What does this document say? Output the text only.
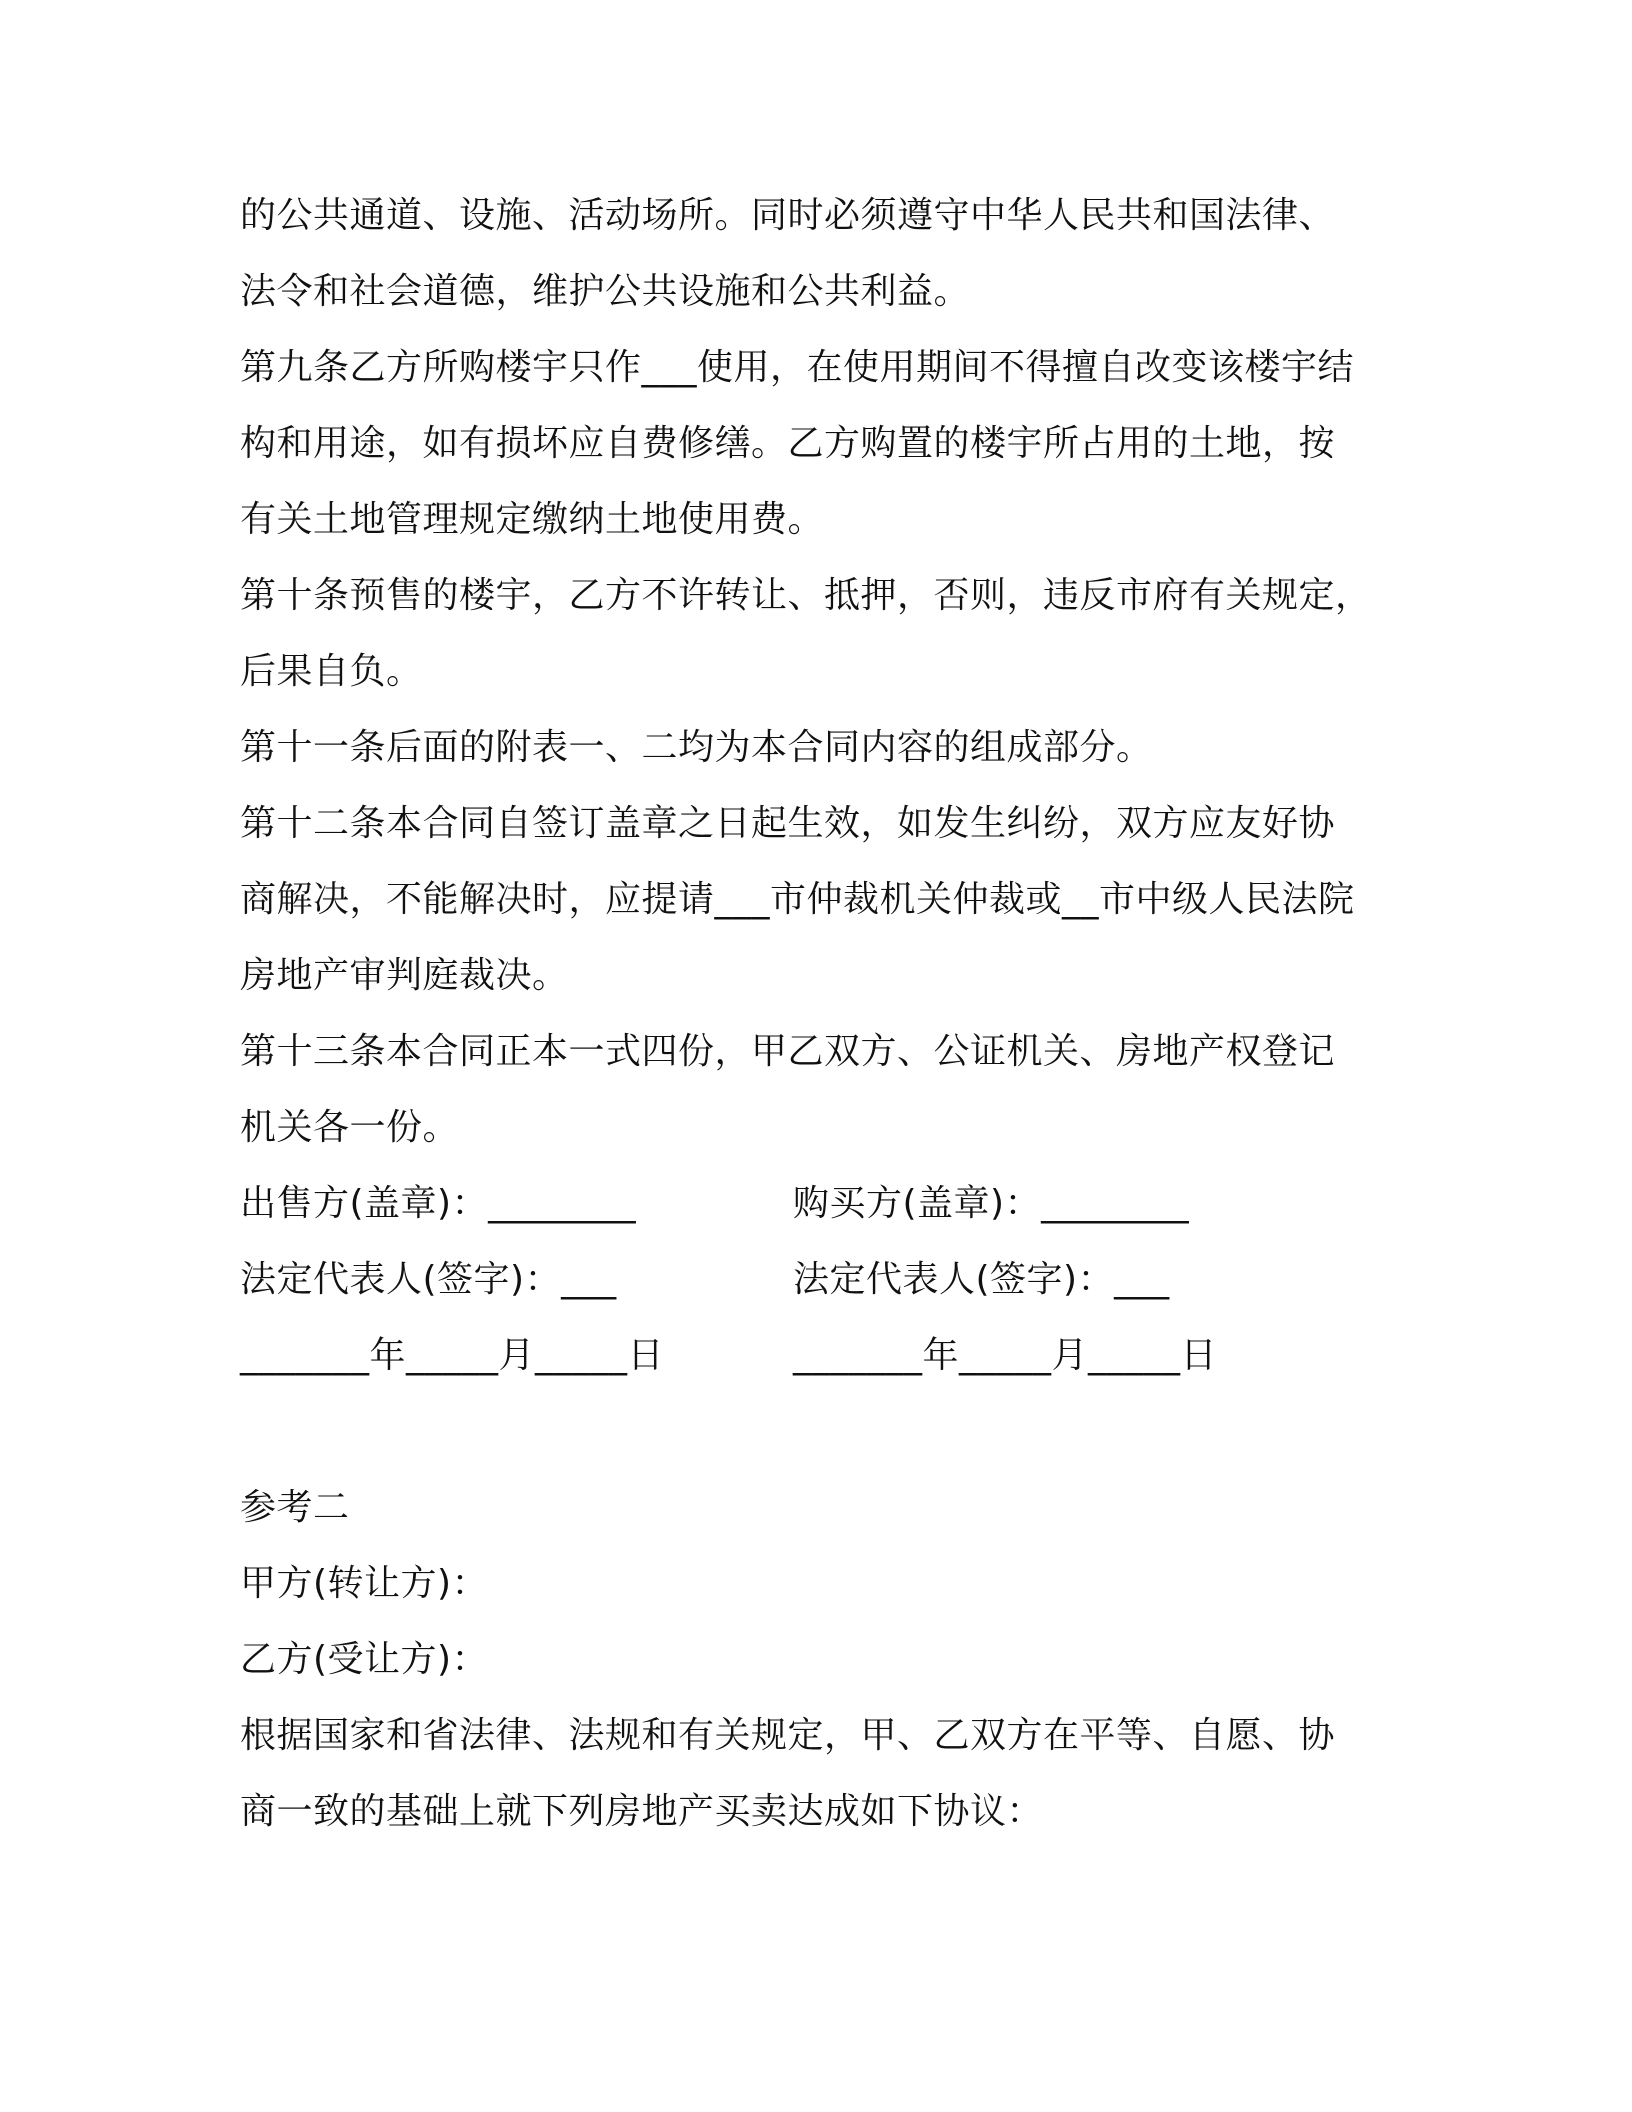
的公共通道、设施、活动场所。同时必须遵守中华人民共和国法律、
法令和社会道德，维护公共设施和公共利益。
第九条乙方所购楼宇只作___使用，在使用期间不得擅自改变该楼宇结
构和用途，如有损坏应自费修缮。乙方购置的楼宇所占用的土地，按
有关土地管理规定缴纳土地使用费。
第十条预售的楼宇，乙方不许转让、抵押，否则，违反市府有关规定，
后果自负。
第十一条后面的附表一、二均为本合同内容的组成部分。
第十二条本合同自签订盖章之日起生效，如发生纠纷，双方应友好协
商解决，不能解决时，应提请___市仲裁机关仲裁或__市中级人民法院
房地产审判庭裁决。
第十三条本合同正本一式四份，甲乙双方、公证机关、房地产权登记
机关各一份。
出售方(盖章)：________	购买方(盖章)：________
法定代表人(签字)：___	法定代表人(签字)：___
_______年_____月_____日	_______年_____月_____日
参考二
甲方(转让方)：
乙方(受让方)：
根据国家和省法律、法规和有关规定，甲、乙双方在平等、自愿、协
商一致的基础上就下列房地产买卖达成如下协议：
